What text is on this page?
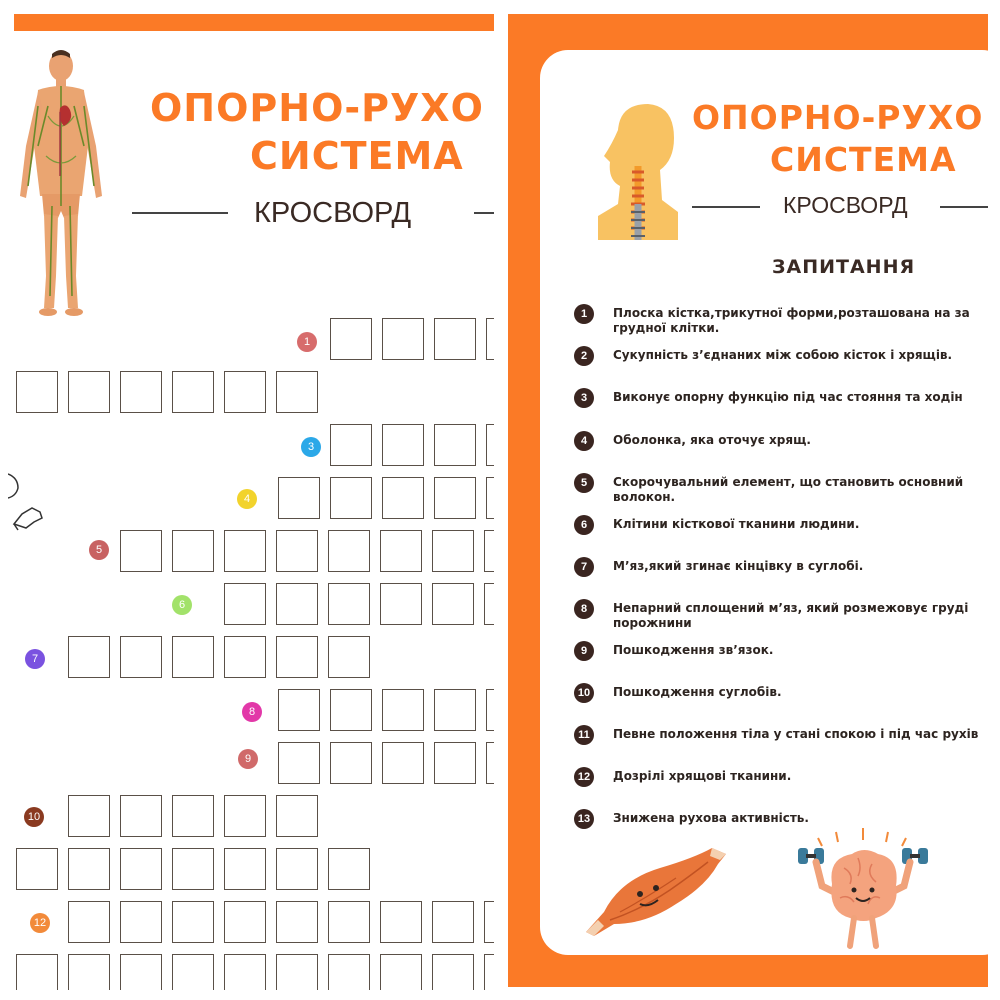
ОПОРНО-РУХО
СИСТЕМА
КРОСВОРД
1
3
4
5
6
7
8
9
10
12
ОПОРНО-РУХО
СИСТЕМА
КРОСВОРД
ЗАПИТАННЯ
1	Плоска кістка,трикутної форми,розташована на за
грудної клітки.
2	Сукупність з’єднаних між собою кісток і хрящів.
3	Виконує опорну функцію під час стояння та ходін
4	Оболонка, яка оточує хрящ.
5	Скорочувальний елемент, що становить основний
волокон.
6	Клітини кісткової тканини людини.
7	М’яз,який згинає кінцівку в суглобі.
8	Непарний сплощений м’яз, який розмежовує груді
порожнини
9	Пошкодження зв’язок.
10	Пошкодження суглобів.
11	Певне положення тіла у стані спокою і під час рухів
12	Дозрілі хрящові тканини.
13	Знижена рухова активність.
